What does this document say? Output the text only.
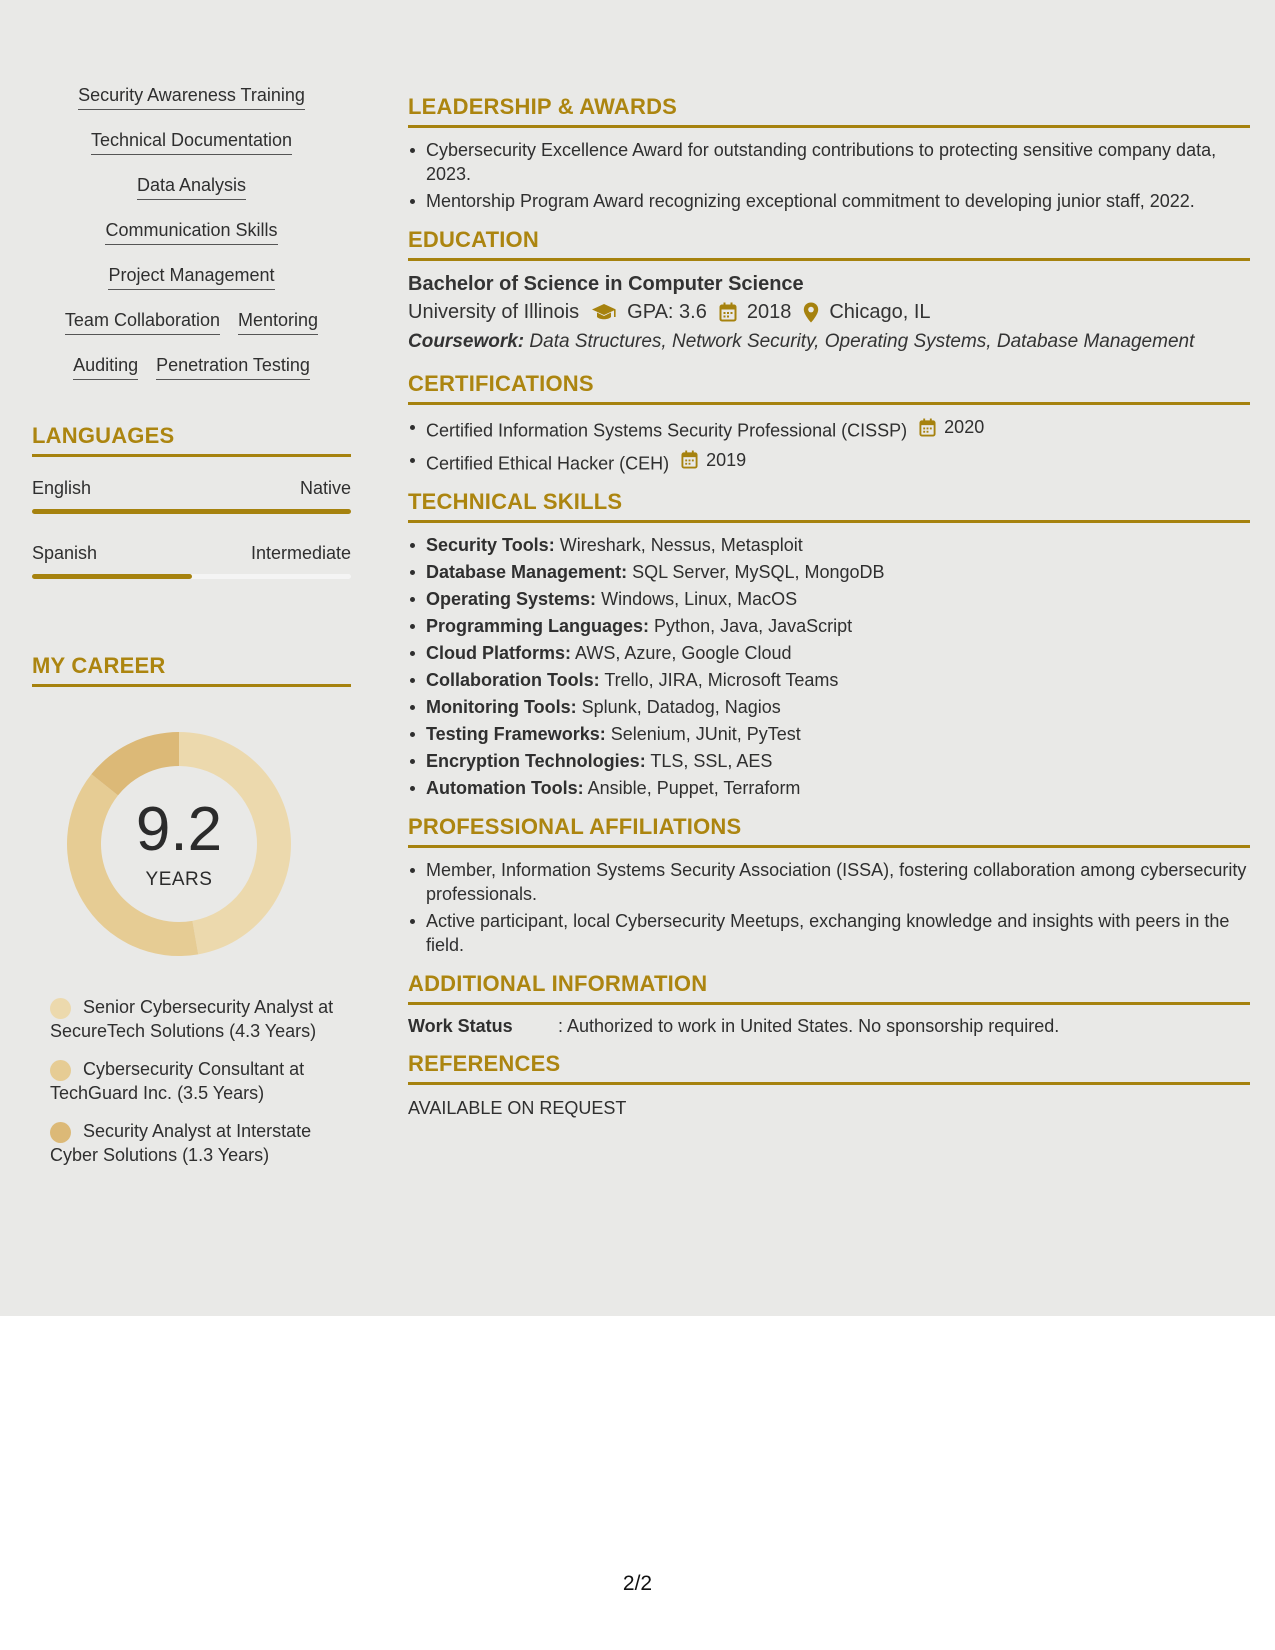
Security Awareness Training
Technical Documentation
Data Analysis
Communication Skills
Project Management
Team Collaboration Mentoring
Auditing Penetration Testing
LANGUAGES
English	Native
Spanish	Intermediate
MY CAREER
9.2
YEARS
Senior Cybersecurity Analyst at SecureTech Solutions (4.3 Years)
Cybersecurity Consultant at TechGuard Inc. (3.5 Years)
Security Analyst at Interstate Cyber Solutions (1.3 Years)
LEADERSHIP & AWARDS
Cybersecurity Excellence Award for outstanding contributions to protecting sensitive company data, 2023.
Mentorship Program Award recognizing exceptional commitment to developing junior staff, 2022.
EDUCATION
Bachelor of Science in Computer Science
University of Illinois GPA: 3.6 2018 Chicago, IL
Coursework: Data Structures, Network Security, Operating Systems, Database Management
CERTIFICATIONS
Certified Information Systems Security Professional (CISSP) 2020
Certified Ethical Hacker (CEH) 2019
TECHNICAL SKILLS
Security Tools: Wireshark, Nessus, Metasploit
Database Management: SQL Server, MySQL, MongoDB
Operating Systems: Windows, Linux, MacOS
Programming Languages: Python, Java, JavaScript
Cloud Platforms: AWS, Azure, Google Cloud
Collaboration Tools: Trello, JIRA, Microsoft Teams
Monitoring Tools: Splunk, Datadog, Nagios
Testing Frameworks: Selenium, JUnit, PyTest
Encryption Technologies: TLS, SSL, AES
Automation Tools: Ansible, Puppet, Terraform
PROFESSIONAL AFFILIATIONS
Member, Information Systems Security Association (ISSA), fostering collaboration among cybersecurity professionals.
Active participant, local Cybersecurity Meetups, exchanging knowledge and insights with peers in the field.
ADDITIONAL INFORMATION
Work Status	: Authorized to work in United States. No sponsorship required.
REFERENCES
AVAILABLE ON REQUEST
2/2
